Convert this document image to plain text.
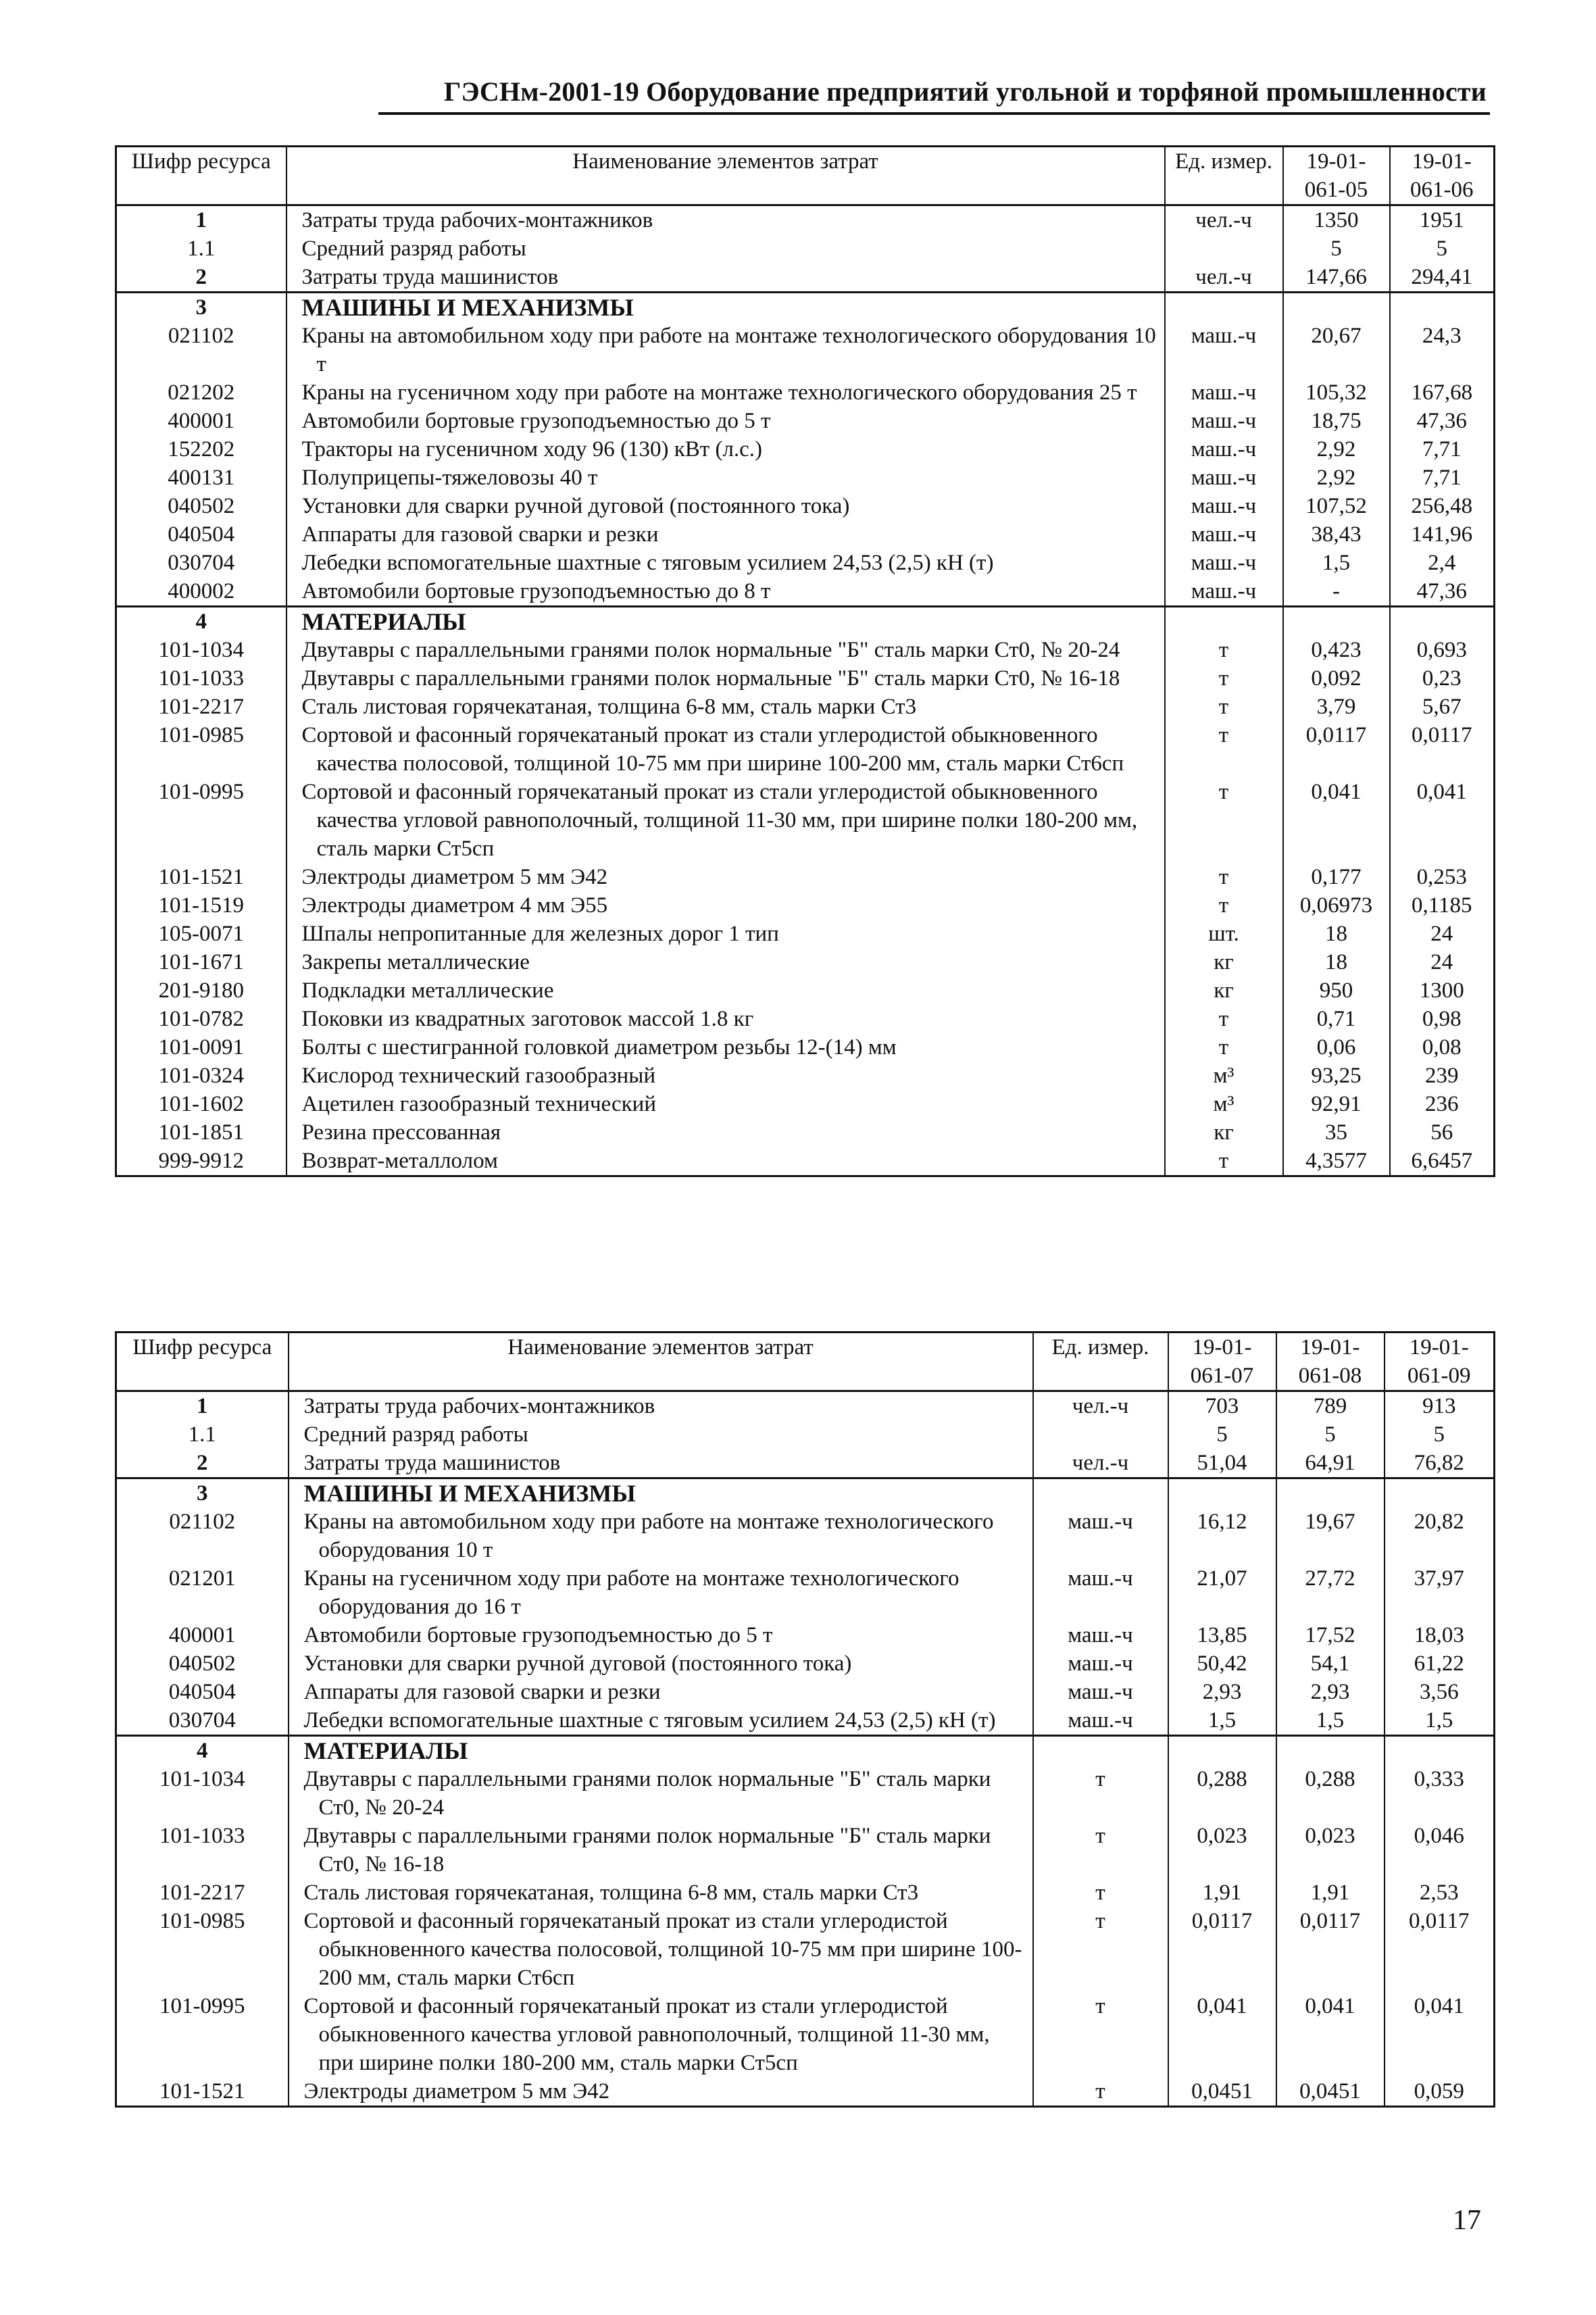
ГЭСНм-2001-19 Оборудование предприятий угольной и торфяной промышленности
Шифр ресурса	Наименование элементов затрат	Ед. измер.	19-01-061-05	19-01-061-06
1	Затраты труда рабочих-монтажников	чел.-ч	1350	1951
1.1	Средний разряд работы		5	5
2	Затраты труда машинистов	чел.-ч	147,66	294,41
3	МАШИНЫ И МЕХАНИЗМЫ			

021102	Краны на автомобильном ходу при работе на монтаже технологического оборудования 10 т	маш.-ч	20,67	24,3
021202	Краны на гусеничном ходу при работе на монтаже технологического оборудования 25 т	маш.-ч	105,32	167,68
400001	Автомобили бортовые грузоподъемностью до 5 т	маш.-ч	18,75	47,36
152202	Тракторы на гусеничном ходу 96 (130) кВт (л.с.)	маш.-ч	2,92	7,71
400131	Полуприцепы-тяжеловозы 40 т	маш.-ч	2,92	7,71
040502	Установки для сварки ручной дуговой (постоянного тока)	маш.-ч	107,52	256,48
040504	Аппараты для газовой сварки и резки	маш.-ч	38,43	141,96
030704	Лебедки вспомогательные шахтные с тяговым усилием 24,53 (2,5) кН (т)	маш.-ч	1,5	2,4
400002	Автомобили бортовые грузоподъемностью до 8 т	маш.-ч	-	47,36
4	МАТЕРИАЛЫ			

101-1034	Двутавры с параллельными гранями полок нормальные "Б" сталь марки Ст0, № 20-24	т	0,423	0,693
101-1033	Двутавры с параллельными гранями полок нормальные "Б" сталь марки Ст0, № 16-18	т	0,092	0,23
101-2217	Сталь листовая горячекатаная, толщина 6-8 мм, сталь марки Ст3	т	3,79	5,67
101-0985	Сортовой и фасонный горячекатаный прокат из стали углеродистой обыкновенного качества полосовой, толщиной 10-75 мм при ширине 100-200 мм, сталь марки Ст6сп	т	0,0117	0,0117
101-0995	Сортовой и фасонный горячекатаный прокат из стали углеродистой обыкновенного качества угловой равнополочный, толщиной 11-30 мм, при ширине полки 180-200 мм, сталь марки Ст5сп	т	0,041	0,041
101-1521	Электроды диаметром 5 мм Э42	т	0,177	0,253
101-1519	Электроды диаметром 4 мм Э55	т	0,06973	0,1185
105-0071	Шпалы непропитанные для железных дорог 1 тип	шт.	18	24
101-1671	Закрепы металлические	кг	18	24
201-9180	Подкладки металлические	кг	950	1300
101-0782	Поковки из квадратных заготовок массой 1.8 кг	т	0,71	0,98
101-0091	Болты с шестигранной головкой диаметром резьбы 12-(14) мм	т	0,06	0,08
101-0324	Кислород технический газообразный	м³	93,25	239
101-1602	Ацетилен газообразный технический	м³	92,91	236
101-1851	Резина прессованная	кг	35	56
999-9912	Возврат-металлолом	т	4,3577	6,6457
Шифр ресурса	Наименование элементов затрат	Ед. измер.	19-01-061-07	19-01-061-08	19-01-061-09
1	Затраты труда рабочих-монтажников	чел.-ч	703	789	913
1.1	Средний разряд работы		5	5	5
2	Затраты труда машинистов	чел.-ч	51,04	64,91	76,82
3	МАШИНЫ И МЕХАНИЗМЫ				

021102	Краны на автомобильном ходу при работе на монтаже технологического оборудования 10 т	маш.-ч	16,12	19,67	20,82
021201	Краны на гусеничном ходу при работе на монтаже технологического оборудования до 16 т	маш.-ч	21,07	27,72	37,97
400001	Автомобили бортовые грузоподъемностью до 5 т	маш.-ч	13,85	17,52	18,03
040502	Установки для сварки ручной дуговой (постоянного тока)	маш.-ч	50,42	54,1	61,22
040504	Аппараты для газовой сварки и резки	маш.-ч	2,93	2,93	3,56
030704	Лебедки вспомогательные шахтные с тяговым усилием 24,53 (2,5) кН (т)	маш.-ч	1,5	1,5	1,5
4	МАТЕРИАЛЫ				

101-1034	Двутавры с параллельными гранями полок нормальные "Б" сталь марки Ст0, № 20-24	т	0,288	0,288	0,333
101-1033	Двутавры с параллельными гранями полок нормальные "Б" сталь марки Ст0, № 16-18	т	0,023	0,023	0,046
101-2217	Сталь листовая горячекатаная, толщина 6-8 мм, сталь марки Ст3	т	1,91	1,91	2,53
101-0985	Сортовой и фасонный горячекатаный прокат из стали углеродистой обыкновенного качества полосовой, толщиной 10-75 мм при ширине 100-200 мм, сталь марки Ст6сп	т	0,0117	0,0117	0,0117
101-0995	Сортовой и фасонный горячекатаный прокат из стали углеродистой обыкновенного качества угловой равнополочный, толщиной 11-30 мм, при ширине полки 180-200 мм, сталь марки Ст5сп	т	0,041	0,041	0,041
101-1521	Электроды диаметром 5 мм Э42	т	0,0451	0,0451	0,059
17
